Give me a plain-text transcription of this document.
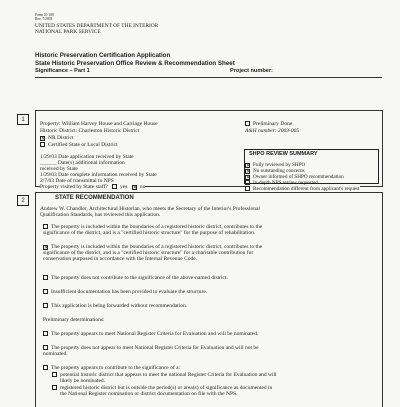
Form 10-168
Rev. 7/2003
UNITED STATES DEPARTMENT OF THE INTERIOR
NATIONAL PARK SERVICE
Historic Preservation Certification Application
State Historic Preservation Office Review & Recommendation Sheet
Significance – Part 1	Project number:
1
Property: William Harvey House and Carriage House
Historic District: Charleston Historic District
✕ NR District
Certified State or Local District
Preliminary Done
A&H number: 2003-005
1/29/03 Date application received by State
______ Date(s) additional information
received by State
1/29/03 Date complete information received by State
2/7/03 Date of transmittal to NPS
Property visited by State staff? yes ✕ no
SHPO REVIEW SUMMARY
✕ Fully reviewed by SHPO
✕ No outstanding concerns
✕ Owner informed of SHPO recommendation
In-depth NPS review requested
Recommendation different from applicant's request
2	STATE RECOMMENDATION
Andrew W. Chandler, Architectural Historian, who meets the Secretary of the Interior's Professional
Qualification Standards, has reviewed this application.
The property is included within the boundaries of a registered historic district, contributes to the
significance of the district, and is a "certified historic structure" for the purpose of rehabilitation.
✕ The property is included within the boundaries of a registered historic district, contributes to the
significance of the district, and is a "certified historic structure" for a charitable contribution for
conservation purposed in accordance with the Internal Revenue Code.
The property does not contribute to the significance of the above-named district.
Insufficient documentation has been provided to evaluate the structure.
This application is being forwarded without recommendation.
Preliminary determinations:
The property appears to meet National Register Criteria for Evaluation and will be nominated.
The property does not appear to meet National Register Criteria for Evaluation and will not be
nominated.
The property appears to contribute to the significance of a:
potential historic district that appears to meet the national Register Criteria for Evaluation and will
likely be nominated.
registered historic district but is outside the period(s) or area(s) of significance as documented in
the National Register nomination or district documentation on file with the NPS.
